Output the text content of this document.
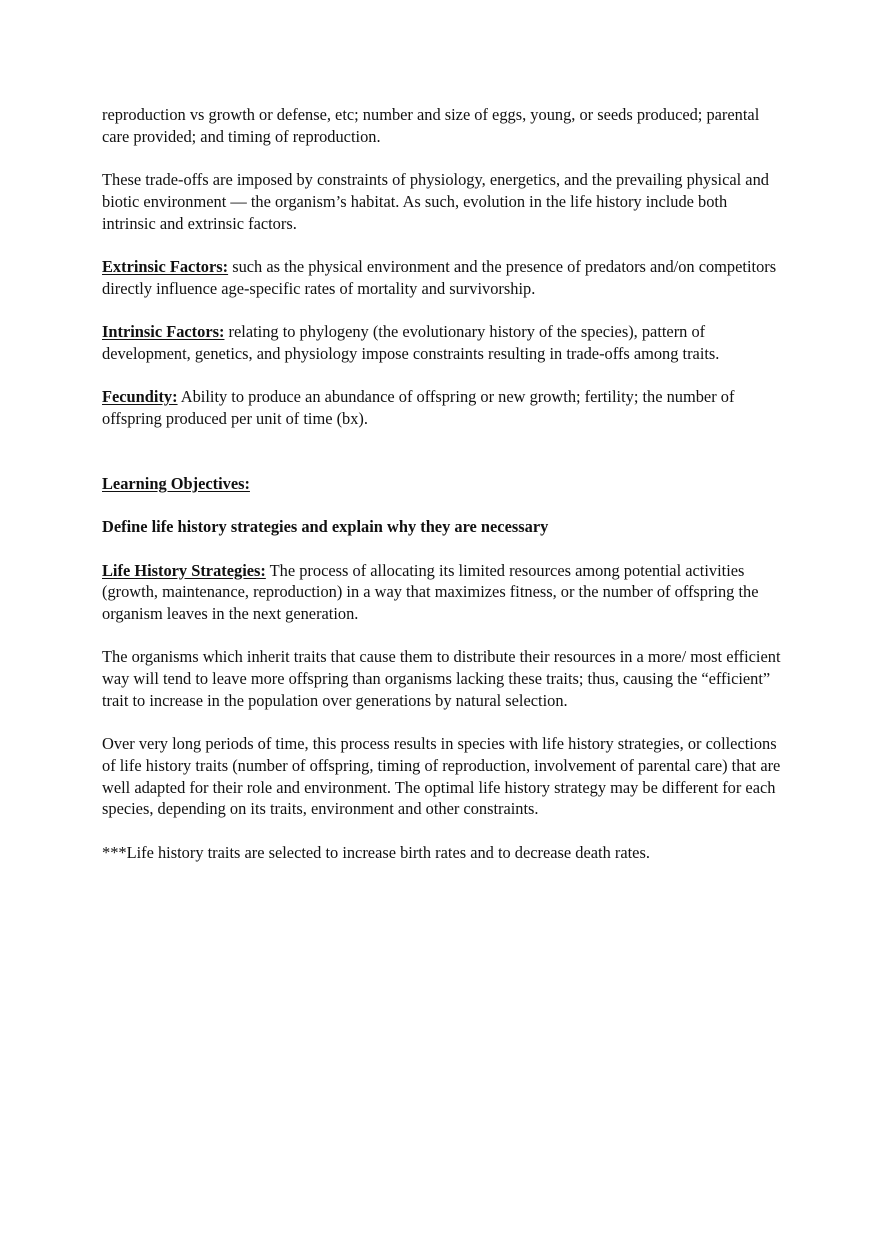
reproduction vs growth or defense, etc; number and size of eggs, young, or seeds produced; parental care provided; and timing of reproduction.

These trade-offs are imposed by constraints of physiology, energetics, and the prevailing physical and biotic environment — the organism’s habitat. As such, evolution in the life history include both intrinsic and extrinsic factors.

Extrinsic Factors: such as the physical environment and the presence of predators and/on competitors directly influence age-specific rates of mortality and survivorship.

Intrinsic Factors: relating to phylogeny (the evolutionary history of the species), pattern of development, genetics, and physiology impose constraints resulting in trade-offs among traits.

Fecundity: Ability to produce an abundance of offspring or new growth; fertility; the number of offspring produced per unit of time (bx).

Learning Objectives:

Define life history strategies and explain why they are necessary

Life History Strategies: The process of allocating its limited resources among potential activities (growth, maintenance, reproduction) in a way that maximizes fitness, or the number of offspring the organism leaves in the next generation.

The organisms which inherit traits that cause them to distribute their resources in a more/ most efficient way will tend to leave more offspring than organisms lacking these traits; thus, causing the “efficient” trait to increase in the population over generations by natural selection.

Over very long periods of time, this process results in species with life history strategies, or collections of life history traits (number of offspring, timing of reproduction, involvement of parental care) that are well adapted for their role and environment. The optimal life history strategy may be different for each species, depending on its traits, environment and other constraints.

***Life history traits are selected to increase birth rates and to decrease death rates.
